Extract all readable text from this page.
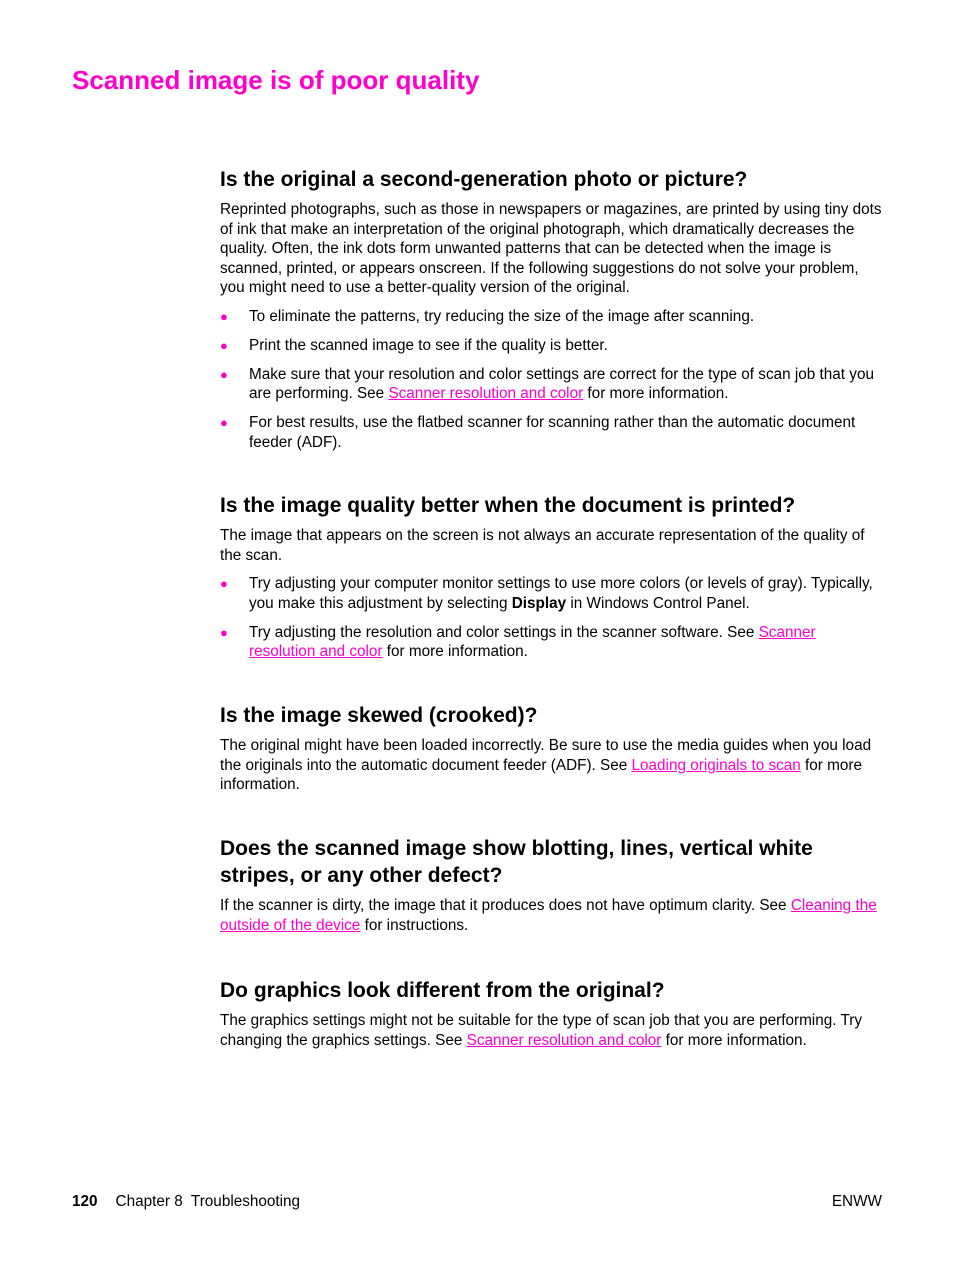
Scanned image is of poor quality
Is the original a second-generation photo or picture?

Reprinted photographs, such as those in newspapers or magazines, are printed by using tiny dots of ink that make an interpretation of the original photograph, which dramatically decreases the quality. Often, the ink dots form unwanted patterns that can be detected when the image is scanned, printed, or appears onscreen. If the following suggestions do not solve your problem, you might need to use a better-quality version of the original.

● To eliminate the patterns, try reducing the size of the image after scanning.
● Print the scanned image to see if the quality is better.
● Make sure that your resolution and color settings are correct for the type of scan job that you are performing. See Scanner resolution and color for more information.
● For best results, use the flatbed scanner for scanning rather than the automatic document feeder (ADF).
Is the image quality better when the document is printed?

The image that appears on the screen is not always an accurate representation of the quality of the scan.

● Try adjusting your computer monitor settings to use more colors (or levels of gray). Typically, you make this adjustment by selecting Display in Windows Control Panel.
● Try adjusting the resolution and color settings in the scanner software. See Scanner resolution and color for more information.
Is the image skewed (crooked)?

The original might have been loaded incorrectly. Be sure to use the media guides when you load the originals into the automatic document feeder (ADF). See Loading originals to scan for more information.

Does the scanned image show blotting, lines, vertical white stripes, or any other defect?

If the scanner is dirty, the image that it produces does not have optimum clarity. See Cleaning the outside of the device for instructions.

Do graphics look different from the original?

The graphics settings might not be suitable for the type of scan job that you are performing. Try changing the graphics settings. See Scanner resolution and color for more information.

120 Chapter 8  Troubleshooting	ENWW
